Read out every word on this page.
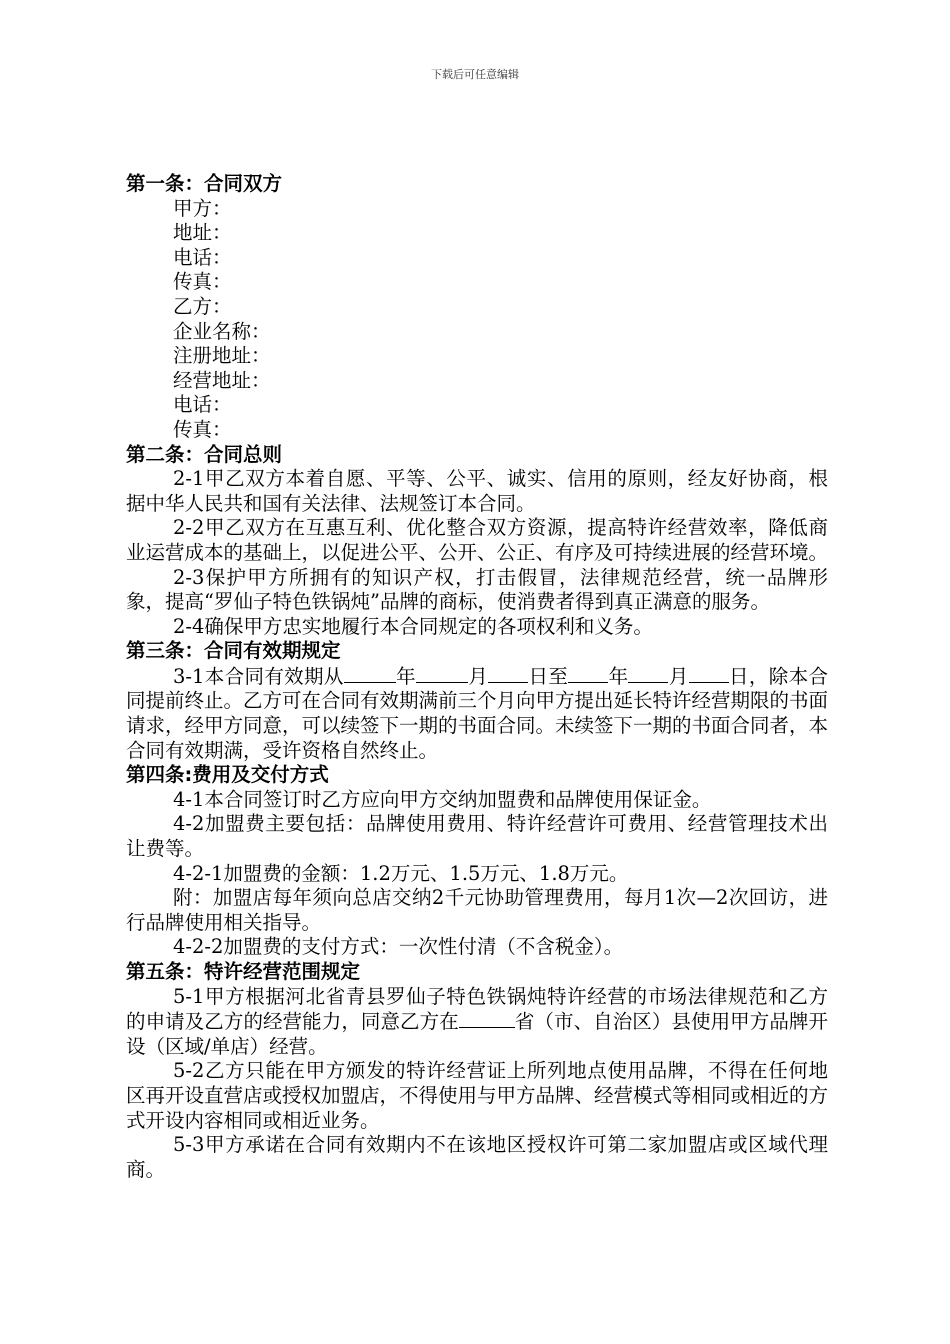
下载后可任意编辑
第一条：合同双方
甲方：
地址：
电话：
传真：
乙方：
企业名称：
注册地址：
经营地址：
电话：
传真：
第二条：合同总则

2-1甲乙双方本着自愿、平等、公平、诚实、信用的原则，经友好协商，根据中华人民共和国有关法律、法规签订本合同。

2-2甲乙双方在互惠互利、优化整合双方资源，提高特许经营效率，降低商业运营成本的基础上，以促进公平、公开、公正、有序及可持续进展的经营环境。

2-3保护甲方所拥有的知识产权，打击假冒，法律规范经营，统一品牌形象，提高“罗仙子特色铁锅炖”品牌的商标，使消费者得到真正满意的服务。

2-4确保甲方忠实地履行本合同规定的各项权利和义务。

第三条：合同有效期规定

3-1本合同有效期从	年	月 日至 年 月 日，除本合同提前终止。乙方可在合同有效期满前三个月向甲方提出延长特许经营期限的书面请求，经甲方同意，可以续签下一期的书面合同。未续签下一期的书面合同者，本合同有效期满，受许资格自然终止。

第四条:费用及交付方式

4-1本合同签订时乙方应向甲方交纳加盟费和品牌使用保证金。

4-2加盟费主要包括：品牌使用费用、特许经营许可费用、经营管理技术出让费等。

4-2-1加盟费的金额：1.2万元、1.5万元、1.8万元。

附：加盟店每年须向总店交纳2千元协助管理费用，每月1次—2次回访，进行品牌使用相关指导。

4-2-2加盟费的支付方式：一次性付清（不含税金）。

第五条：特许经营范围规定

5-1甲方根据河北省青县罗仙子特色铁锅炖特许经营的市场法律规范和乙方的申请及乙方的经营能力，同意乙方在	省（市、自治区）县使用甲方品牌开设（区域/单店）经营。

5-2乙方只能在甲方颁发的特许经营证上所列地点使用品牌，不得在任何地区再开设直营店或授权加盟店，不得使用与甲方品牌、经营模式等相同或相近的方式开设内容相同或相近业务。

5-3甲方承诺在合同有效期内不在该地区授权许可第二家加盟店或区域代理商。
